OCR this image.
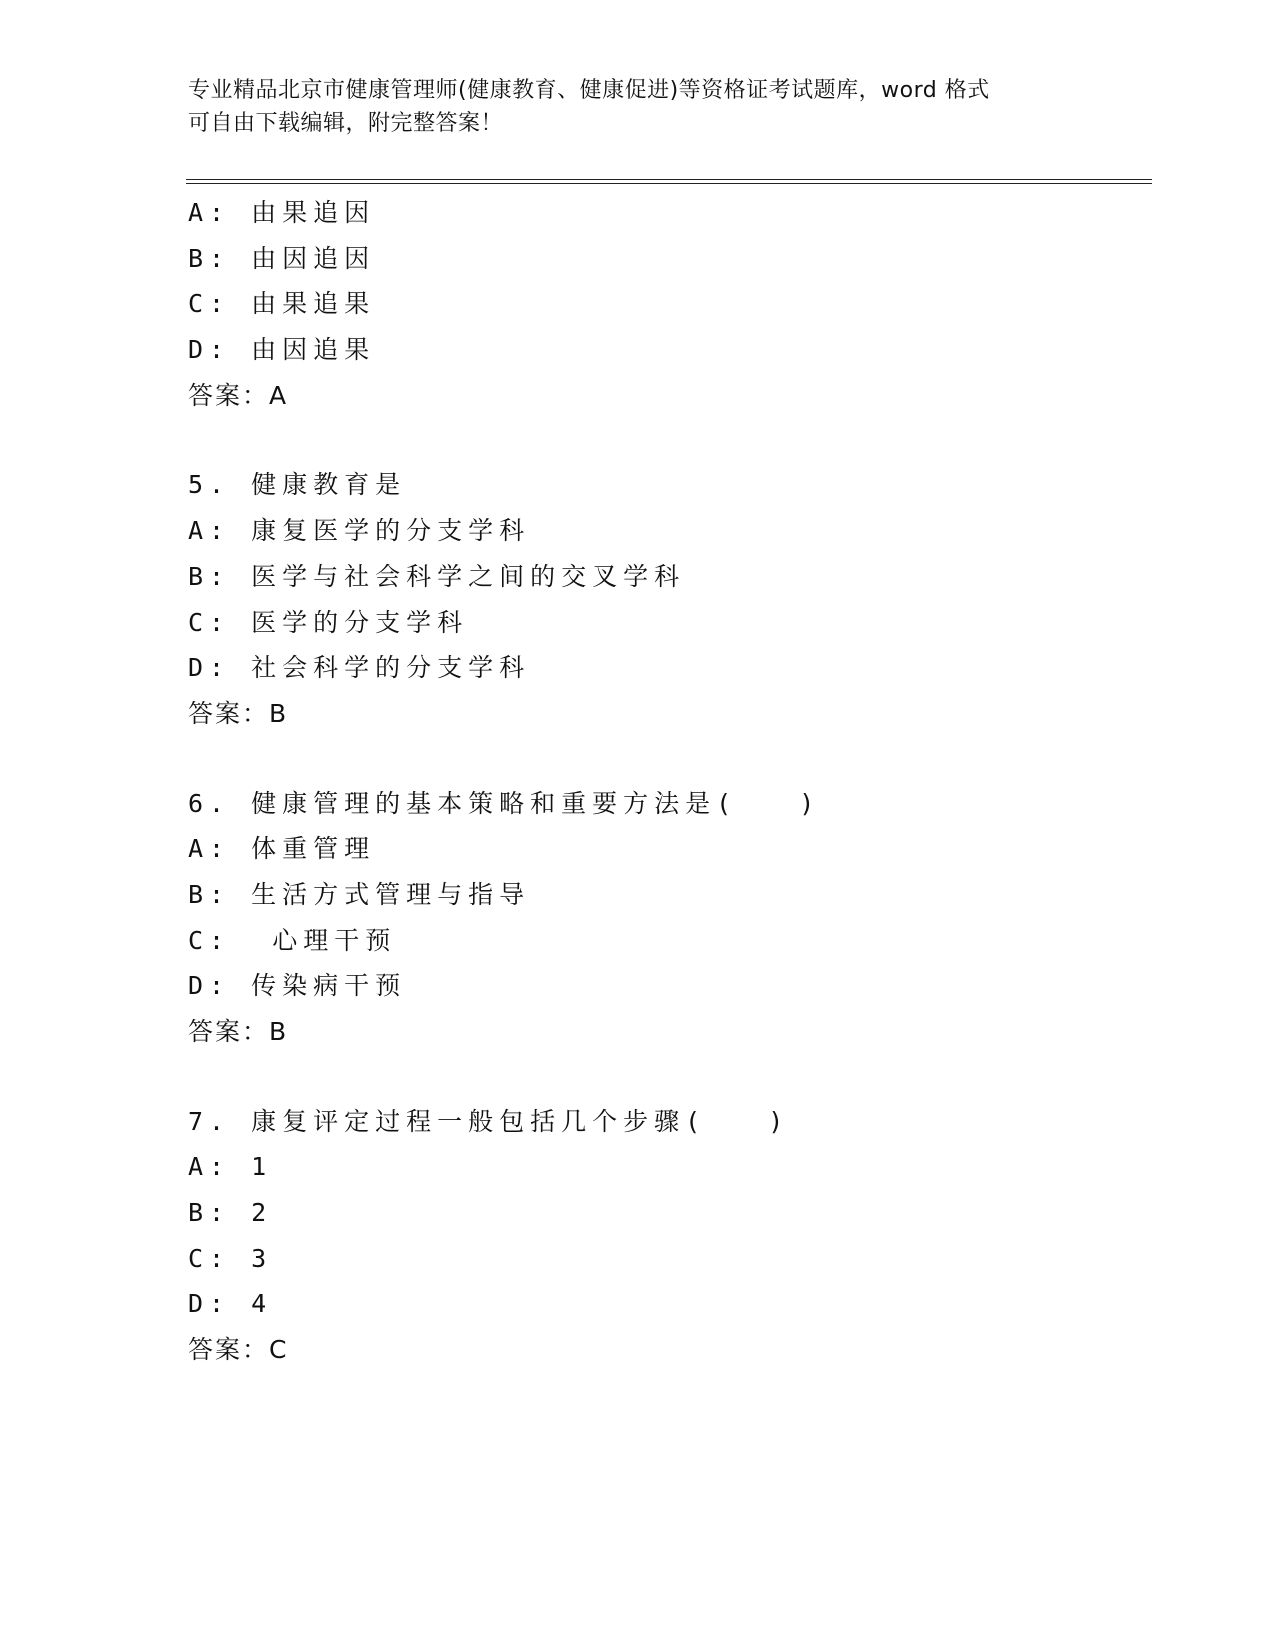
专业精品北京市健康管理师(健康教育、健康促进)等资格证考试题库，word 格式
可自由下载编辑，附完整答案！
A: 由果追因
B: 由因追因
C: 由果追果
D: 由因追果
答案：A
5. 健康教育是
A: 康复医学的分支学科
B: 医学与社会科学之间的交叉学科
C: 医学的分支学科
D: 社会科学的分支学科
答案：B
6. 健康管理的基本策略和重要方法是(　　)
A: 体重管理
B: 生活方式管理与指导
C:  心理干预
D: 传染病干预
答案：B
7. 康复评定过程一般包括几个步骤(　　)
A: 1
B: 2
C: 3
D: 4
答案：C
